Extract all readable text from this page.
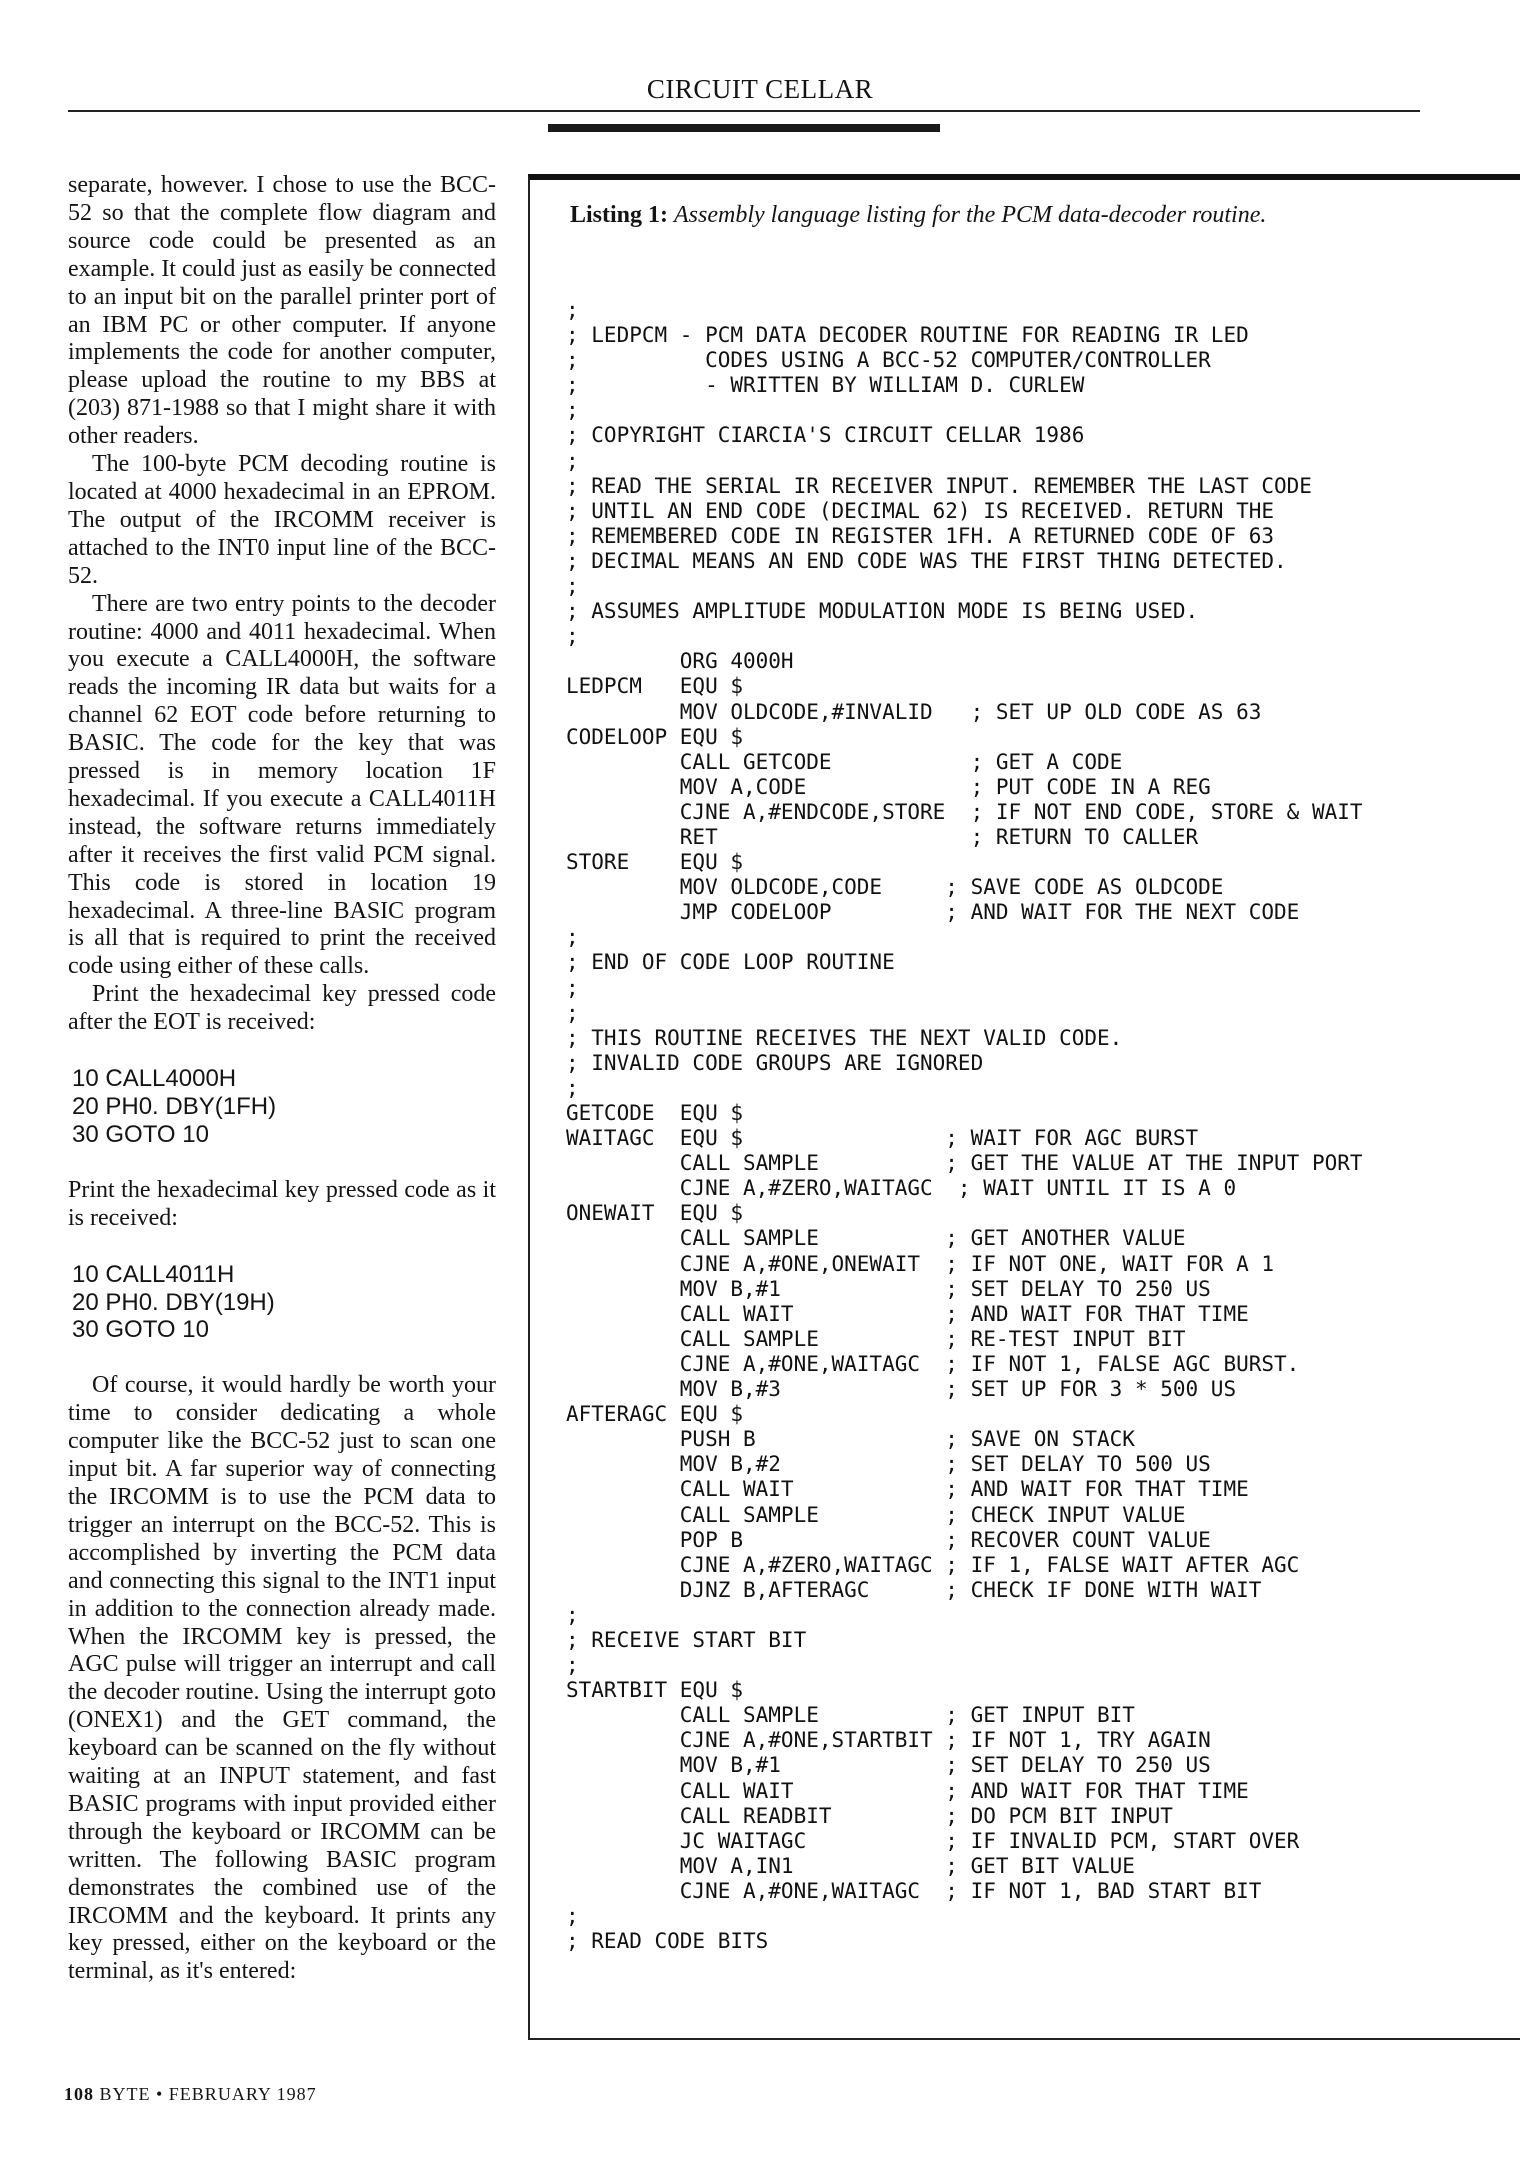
CIRCUIT CELLAR

separate, however. I chose to use the BCC-52 so that the complete flow diagram and source code could be presented as an example. It could just as easily be connected to an input bit on the parallel printer port of an IBM PC or other computer. If anyone implements the code for another computer, please upload the routine to my BBS at (203) 871-1988 so that I might share it with other readers.

The 100-byte PCM decoding routine is located at 4000 hexadecimal in an EPROM. The output of the IRCOMM receiver is attached to the INT0 input line of the BCC-52.

There are two entry points to the decoder routine: 4000 and 4011 hexadecimal. When you execute a CALL4000H, the software reads the incoming IR data but waits for a channel 62 EOT code before returning to BASIC. The code for the key that was pressed is in memory location 1F hexadecimal. If you execute a CALL4011H instead, the software returns immediately after it receives the first valid PCM signal. This code is stored in location 19 hexadecimal. A three-line BASIC program is all that is required to print the received code using either of these calls.

Print the hexadecimal key pressed code after the EOT is received:

10 CALL4000H
20 PH0. DBY(1FH)
30 GOTO 10

Print the hexadecimal key pressed code as it is received:

10 CALL4011H
20 PH0. DBY(19H)
30 GOTO 10

Of course, it would hardly be worth your time to consider dedicating a whole computer like the BCC-52 just to scan one input bit. A far superior way of connecting the IRCOMM is to use the PCM data to trigger an interrupt on the BCC-52. This is accomplished by inverting the PCM data and connecting this signal to the INT1 input in addition to the connection already made. When the IRCOMM key is pressed, the AGC pulse will trigger an interrupt and call the decoder routine. Using the interrupt goto (ONEX1) and the GET command, the keyboard can be scanned on the fly without waiting at an INPUT statement, and fast BASIC programs with input provided either through the keyboard or IRCOMM can be written. The following BASIC program demonstrates the combined use of the IRCOMM and the keyboard. It prints any key pressed, either on the keyboard or the terminal, as it's entered:

Listing 1: Assembly language listing for the PCM data-decoder routine.
;
; LEDPCM - PCM DATA DECODER ROUTINE FOR READING IR LED
;          CODES USING A BCC-52 COMPUTER/CONTROLLER
;          - WRITTEN BY WILLIAM D. CURLEW
;
; COPYRIGHT CIARCIA'S CIRCUIT CELLAR 1986
;
; READ THE SERIAL IR RECEIVER INPUT. REMEMBER THE LAST CODE
; UNTIL AN END CODE (DECIMAL 62) IS RECEIVED. RETURN THE
; REMEMBERED CODE IN REGISTER 1FH. A RETURNED CODE OF 63
; DECIMAL MEANS AN END CODE WAS THE FIRST THING DETECTED.
;
; ASSUMES AMPLITUDE MODULATION MODE IS BEING USED.
;
ORG 4000H
LEDPCM   EQU $
MOV OLDCODE,#INVALID   ; SET UP OLD CODE AS 63
CODELOOP EQU $
CALL GETCODE           ; GET A CODE
MOV A,CODE             ; PUT CODE IN A REG
CJNE A,#ENDCODE,STORE  ; IF NOT END CODE, STORE & WAIT
RET                    ; RETURN TO CALLER
STORE    EQU $
MOV OLDCODE,CODE     ; SAVE CODE AS OLDCODE
JMP CODELOOP         ; AND WAIT FOR THE NEXT CODE
;
; END OF CODE LOOP ROUTINE
;
;
; THIS ROUTINE RECEIVES THE NEXT VALID CODE.
; INVALID CODE GROUPS ARE IGNORED
;
GETCODE  EQU $
WAITAGC  EQU $                ; WAIT FOR AGC BURST
CALL SAMPLE          ; GET THE VALUE AT THE INPUT PORT
CJNE A,#ZERO,WAITAGC  ; WAIT UNTIL IT IS A 0
ONEWAIT  EQU $
CALL SAMPLE          ; GET ANOTHER VALUE
CJNE A,#ONE,ONEWAIT  ; IF NOT ONE, WAIT FOR A 1
MOV B,#1             ; SET DELAY TO 250 US
CALL WAIT            ; AND WAIT FOR THAT TIME
CALL SAMPLE          ; RE-TEST INPUT BIT
CJNE A,#ONE,WAITAGC  ; IF NOT 1, FALSE AGC BURST.
MOV B,#3             ; SET UP FOR 3 * 500 US
AFTERAGC EQU $
PUSH B               ; SAVE ON STACK
MOV B,#2             ; SET DELAY TO 500 US
CALL WAIT            ; AND WAIT FOR THAT TIME
CALL SAMPLE          ; CHECK INPUT VALUE
POP B                ; RECOVER COUNT VALUE
CJNE A,#ZERO,WAITAGC ; IF 1, FALSE WAIT AFTER AGC
DJNZ B,AFTERAGC      ; CHECK IF DONE WITH WAIT
;
; RECEIVE START BIT
;
STARTBIT EQU $
CALL SAMPLE          ; GET INPUT BIT
CJNE A,#ONE,STARTBIT ; IF NOT 1, TRY AGAIN
MOV B,#1             ; SET DELAY TO 250 US
CALL WAIT            ; AND WAIT FOR THAT TIME
CALL READBIT         ; DO PCM BIT INPUT
JC WAITAGC           ; IF INVALID PCM, START OVER
MOV A,IN1            ; GET BIT VALUE
CJNE A,#ONE,WAITAGC  ; IF NOT 1, BAD START BIT
;
; READ CODE BITS
108 BYTE • FEBRUARY 1987
